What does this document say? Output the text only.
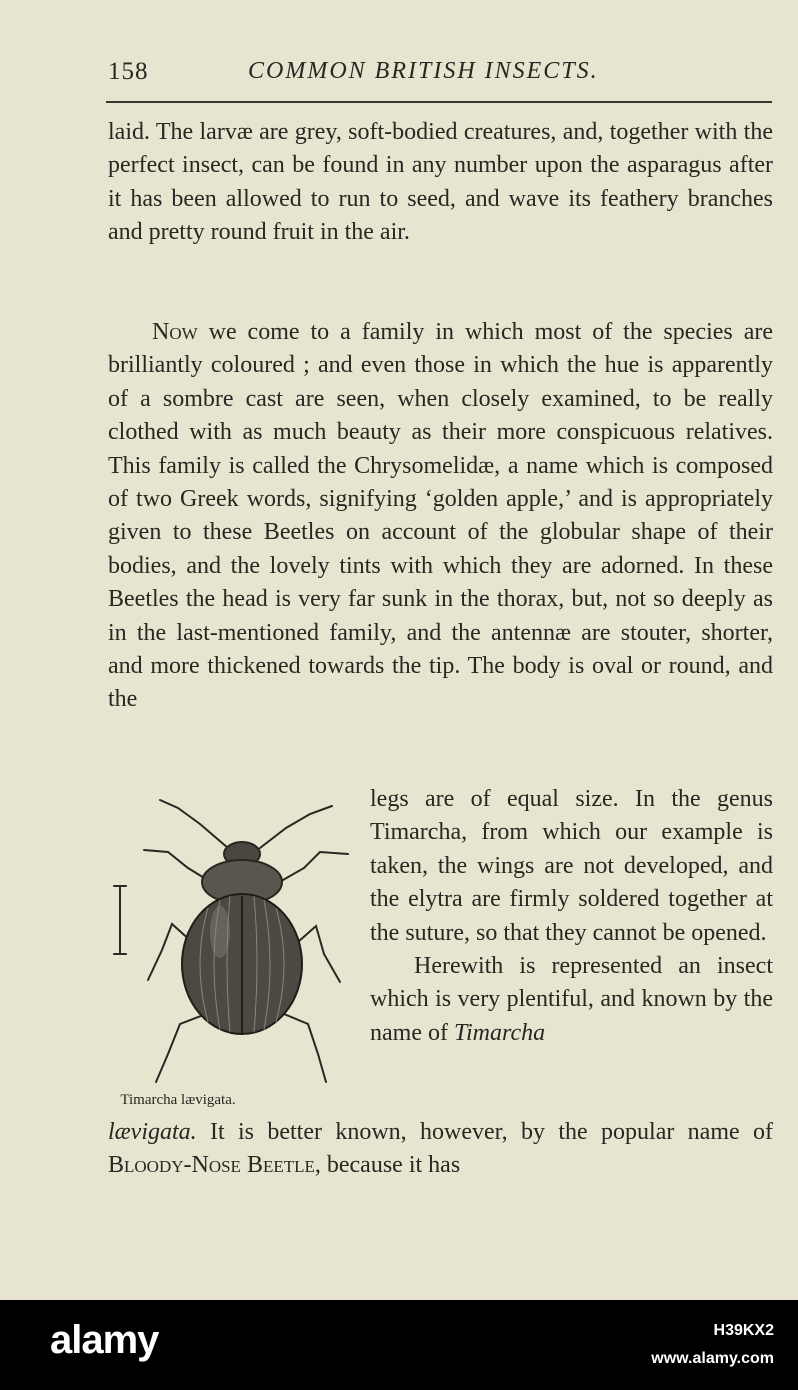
158	COMMON BRITISH INSECTS.

laid. The larvæ are grey, soft-bodied creatures, and, together with the perfect insect, can be found in any number upon the asparagus after it has been allowed to run to seed, and wave its feathery branches and pretty round fruit in the air.

Now we come to a family in which most of the species are brilliantly coloured ; and even those in which the hue is apparently of a sombre cast are seen, when closely examined, to be really clothed with as much beauty as their more conspicuous relatives. This family is called the Chrysomelidæ, a name which is composed of two Greek words, signifying ‘golden apple,’ and is appropriately given to these Beetles on account of the globular shape of their bodies, and the lovely tints with which they are adorned. In these Beetles the head is very far sunk in the thorax, but, not so deeply as in the last-mentioned family, and the antennæ are stouter, shorter, and more thickened towards the tip. The body is oval or round, and the

Timarcha lævigata.

legs are of equal size. In the genus Timarcha, from which our example is taken, the wings are not developed, and the elytra are firmly soldered together at the suture, so that they cannot be opened.

Herewith is represented an insect which is very plentiful, and known by the name of Timarcha

lævigata. It is better known, however, by the popular name of Bloody-Nose Beetle, because it has

alamy	H39KX2
www.alamy.com
